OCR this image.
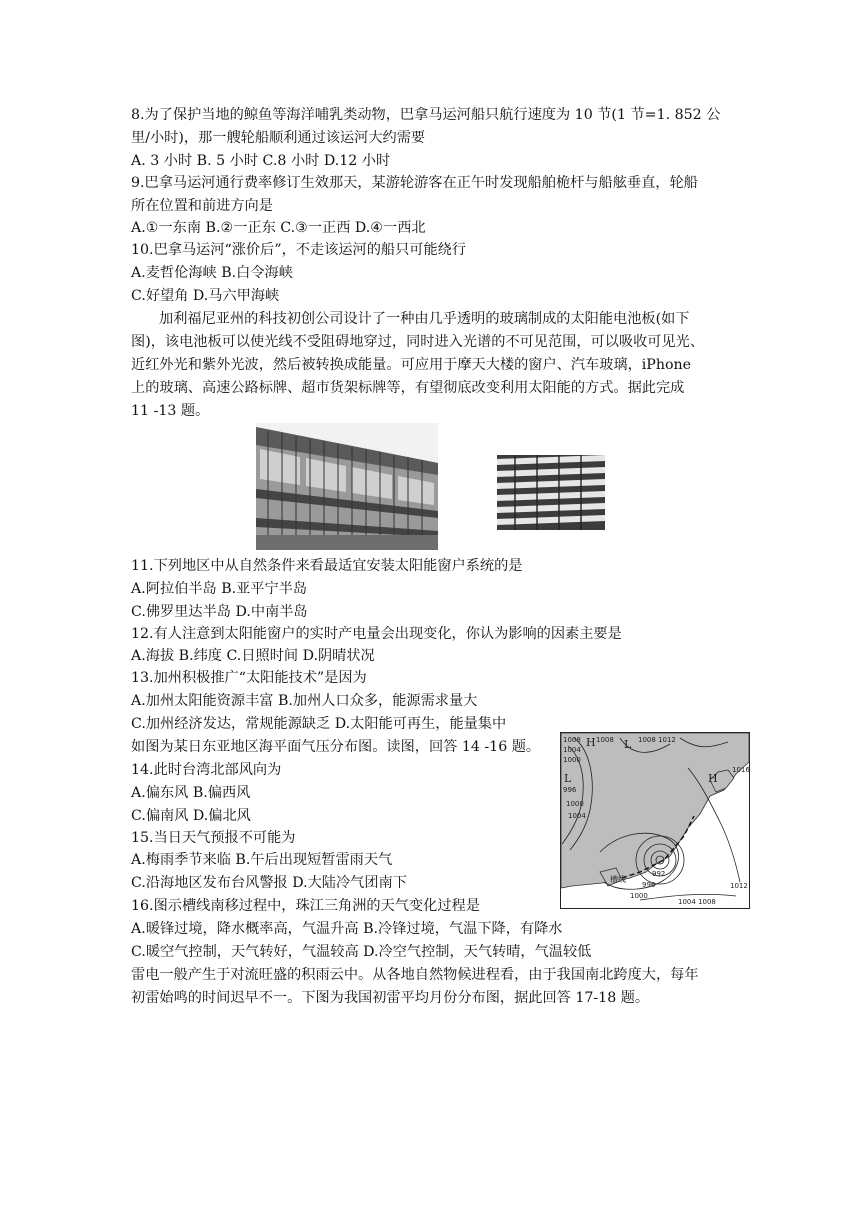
8.为了保护当地的鲸鱼等海洋哺乳类动物，巴拿马运河船只航行速度为 10 节(1 节=1. 852 公
里/小时)，那一艘轮船顺利通过该运河大约需要
A. 3 小时 B. 5 小时 C.8 小时 D.12 小时
9.巴拿马运河通行费率修订生效那天，某游轮游客在正午时发现船舶桅杆与船舷垂直，轮船
所在位置和前进方向是
A.①一东南 B.②一正东 C.③一正西 D.④一西北
10.巴拿马运河“涨价后”，不走该运河的船只可能绕行
A.麦哲伦海峡 B.白令海峡
C.好望角 D.马六甲海峡
加利福尼亚州的科技初创公司设计了一种由几乎透明的玻璃制成的太阳能电池板(如下
图)，该电池板可以使光线不受阻碍地穿过，同时进入光谱的不可见范围，可以吸收可见光、
近红外光和紫外光波，然后被转换成能量。可应用于摩天大楼的窗户、汽车玻璃，iPhone
上的玻璃、高速公路标牌、超市货架标牌等，有望彻底改变利用太阳能的方式。据此完成
11 -13 题。
11.下列地区中从自然条件来看最适宜安装太阳能窗户系统的是
A.阿拉伯半岛 B.亚平宁半岛
C.佛罗里达半岛 D.中南半岛
12.有人注意到太阳能窗户的实时产电量会出现变化，你认为影响的因素主要是
A.海拔 B.纬度 C.日照时间 D.阴晴状况
13.加州积极推广“太阳能技术”是因为
A.加州太阳能资源丰富 B.加州人口众多，能源需求量大
C.加州经济发达，常规能源缺乏 D.太阳能可再生，能量集中
如图为某日东亚地区海平面气压分布图。读图，回答 14 -16 题。
14.此时台湾北部风向为
A.偏东风 B.偏西风
C.偏南风 D.偏北风
15.当日天气预报不可能为
A.梅雨季节来临 B.午后出现短暂雷雨天气
C.沿海地区发布台风警报 D.大陆冷气团南下
16.图示槽线南移过程中，珠江三角洲的天气变化过程是
A.暖锋过境，降水概率高，气温升高 B.冷锋过境，气温下降，有降水
C.暖空气控制，天气转好，气温较高 D.冷空气控制，天气转晴，气温较低
雷电一般产生于对流旺盛的积雨云中。从各地自然物候进程看，由于我国南北跨度大，每年
初雷始鸣的时间迟早不一。下图为我国初雷平均月份分布图，据此回答 17-18 题。
H	L
L	H
1008
1004
1000
996
1000
1004
1008	1008 1012
1016
1012
1004 1008
1000
996
992
槽线
